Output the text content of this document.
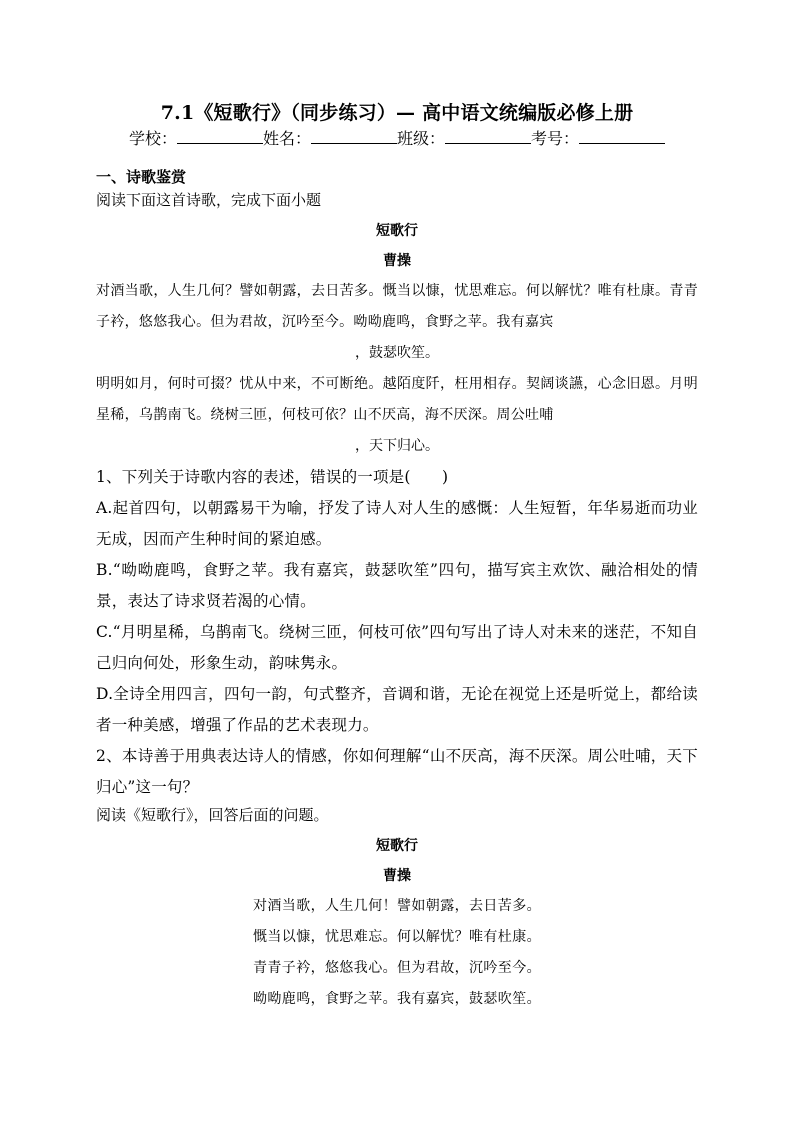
7.1《短歌行》（同步练习）— 高中语文统编版必修上册
学校：	姓名：	班级：	考号：
一、诗歌鉴赏
阅读下面这首诗歌，完成下面小题
短歌行
曹操
对酒当歌，人生几何？譬如朝露，去日苦多。慨当以慷，忧思难忘。何以解忧？唯有杜康。青青子衿，悠悠我心。但为君故，沉吟至今。呦呦鹿鸣，食野之苹。我有嘉宾
，鼓瑟吹笙。
明明如月，何时可掇？忧从中来，不可断绝。越陌度阡，枉用相存。契阔谈讌，心念旧恩。月明星稀，乌鹊南飞。绕树三匝，何枝可依？山不厌高，海不厌深。周公吐哺
，天下归心。
1、下列关于诗歌内容的表述，错误的一项是(　　)
A.起首四句，以朝露易干为喻，抒发了诗人对人生的感慨：人生短暂，年华易逝而功业无成，因而产生种时间的紧迫感。
B.“呦呦鹿鸣，食野之苹。我有嘉宾，鼓瑟吹笙”四句，描写宾主欢饮、融洽相处的情景，表达了诗求贤若渴的心情。
C.“月明星稀，乌鹊南飞。绕树三匝，何枝可依”四句写出了诗人对未来的迷茫，不知自己归向何处，形象生动，韵味隽永。
D.全诗全用四言，四句一韵，句式整齐，音调和谐，无论在视觉上还是听觉上，都给读者一种美感，增强了作品的艺术表现力。
2、本诗善于用典表达诗人的情感，你如何理解“山不厌高，海不厌深。周公吐哺，天下归心”这一句？
阅读《短歌行》，回答后面的问题。
短歌行
曹操
对酒当歌，人生几何！譬如朝露，去日苦多。
慨当以慷，忧思难忘。何以解忧？唯有杜康。
青青子衿，悠悠我心。但为君故，沉吟至今。
呦呦鹿鸣，食野之苹。我有嘉宾，鼓瑟吹笙。
